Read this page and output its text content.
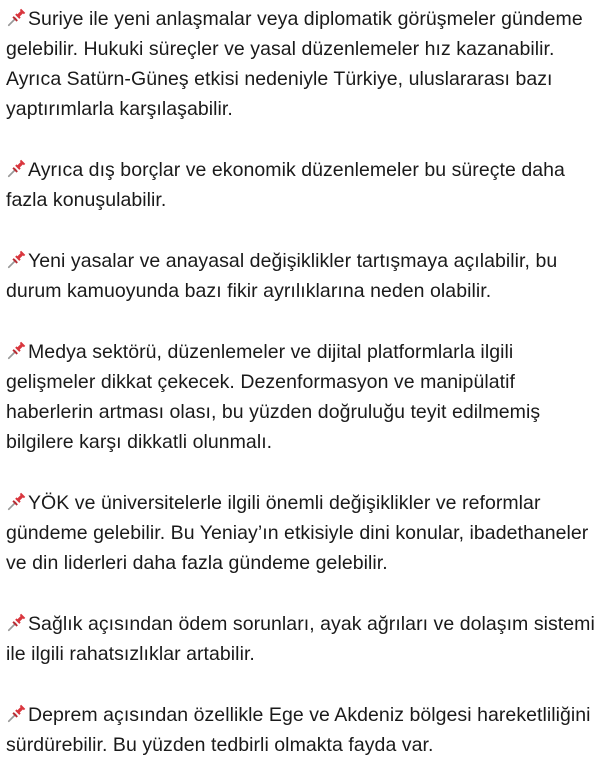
Suriye ile yeni anlaşmalar veya diplomatik görüşmeler gündeme gelebilir. Hukuki süreçler ve yasal düzenlemeler hız kazanabilir. Ayrıca Satürn-Güneş etkisi nedeniyle Türkiye, uluslararası bazı yaptırımlarla karşılaşabilir.

Ayrıca dış borçlar ve ekonomik düzenlemeler bu süreçte daha fazla konuşulabilir.

Yeni yasalar ve anayasal değişiklikler tartışmaya açılabilir, bu durum kamuoyunda bazı fikir ayrılıklarına neden olabilir.

Medya sektörü, düzenlemeler ve dijital platformlarla ilgili gelişmeler dikkat çekecek. Dezenformasyon ve manipülatif haberlerin artması olası, bu yüzden doğruluğu teyit edilmemiş bilgilere karşı dikkatli olunmalı.

YÖK ve üniversitelerle ilgili önemli değişiklikler ve reformlar gündeme gelebilir. Bu Yeniay’ın etkisiyle dini konular, ibadethaneler ve din liderleri daha fazla gündeme gelebilir.

Sağlık açısından ödem sorunları, ayak ağrıları ve dolaşım sistemi ile ilgili rahatsızlıklar artabilir.

Deprem açısından özellikle Ege ve Akdeniz bölgesi hareketliliğini sürdürebilir. Bu yüzden tedbirli olmakta fayda var.
